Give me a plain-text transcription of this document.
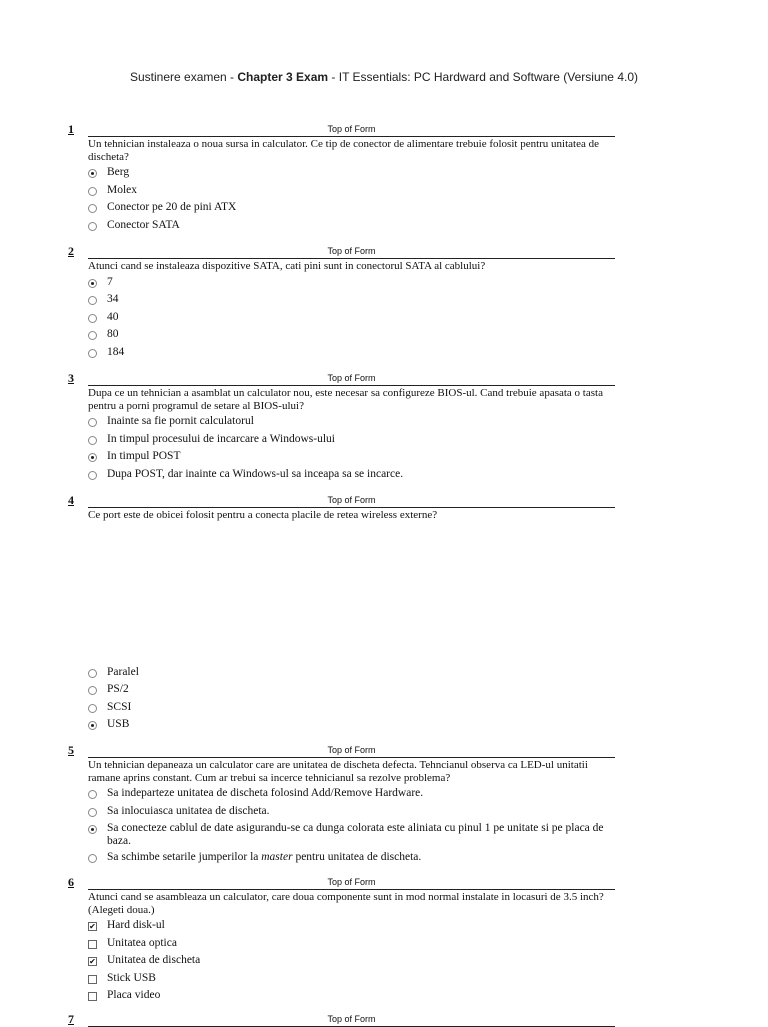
Sustinere examen - Chapter 3 Exam - IT Essentials: PC Hardward and Software (Versiune 4.0)
1	Top of Form
Un tehnician instaleaza o noua sursa in calculator. Ce tip de conector de alimentare trebuie folosit pentru unitatea de discheta?
Berg
Molex
Conector pe 20 de pini ATX
Conector SATA
2	Top of Form
Atunci cand se instaleaza dispozitive SATA, cati pini sunt in conectorul SATA al cablului?
7
34
40
80
184
3	Top of Form
Dupa ce un tehnician a asamblat un calculator nou, este necesar sa configureze BIOS-ul. Cand trebuie apasata o tasta pentru a porni programul de setare al BIOS-ului?
Inainte sa fie pornit calculatorul
In timpul procesului de incarcare a Windows-ului
In timpul POST
Dupa POST, dar inainte ca Windows-ul sa inceapa sa se incarce.
4	Top of Form
Ce port este de obicei folosit pentru a conecta placile de retea wireless externe?
Paralel
PS/2
SCSI
USB
5	Top of Form
Un tehnician depaneaza un calculator care are unitatea de discheta defecta. Tehncianul observa ca LED-ul unitatii ramane aprins constant. Cum ar trebui sa incerce tehnicianul sa rezolve problema?
Sa indeparteze unitatea de discheta folosind Add/Remove Hardware.
Sa inlocuiasca unitatea de discheta.
Sa conecteze cablul de date asigurandu-se ca dunga colorata este aliniata cu pinul 1 pe unitate si pe placa de baza.
Sa schimbe setarile jumperilor la master pentru unitatea de discheta.
6	Top of Form
Atunci cand se asambleaza un calculator, care doua componente sunt in mod normal instalate in locasuri de 3.5 inch? (Alegeti doua.)
✔ Hard disk-ul
Unitatea optica
✔ Unitatea de discheta
Stick USB
Placa video
7	Top of Form
